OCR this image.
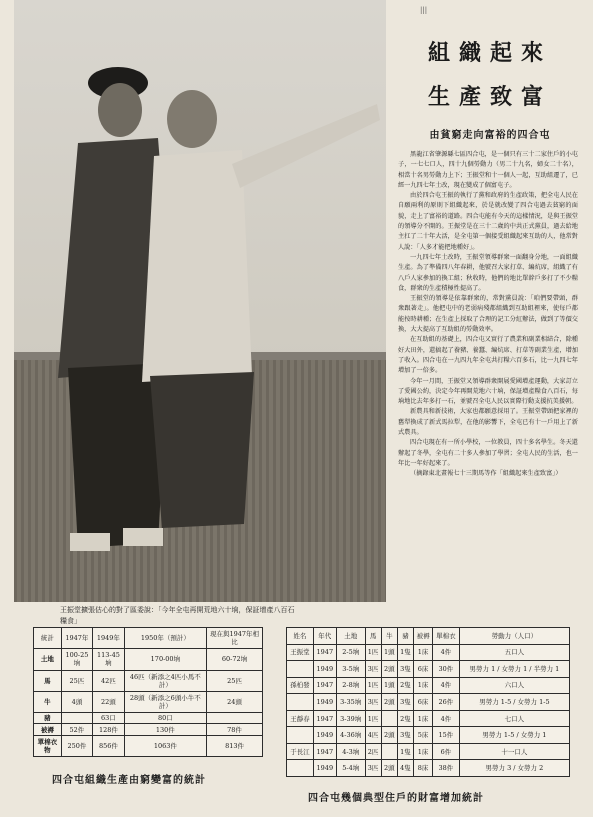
|||
王振堂擴張估心的對了區委說：「今年全屯再開荒地六十垧，保証增產八百石糧食」
組織起來
生產致富
由貧窮走向富裕的四合屯

黑龍江省肇源縣七區四合屯，是一個只有三十二家住戶的小屯子，一七七口人，四十九個勞動力（男二十九名，婦女二十名），相當十名男勞動力上下；王振堂和十一個人一起，互助組遷了，已經一九四七年土改，現在變成了個富屯子。

由於四合屯王振的執行了黨和政府的生產政策，把全屯人民在自願兩利的原則下組織起來，於是就改變了四合屯過去貧窮的面貌，走上了富裕的道路。四合屯能有今天的這樣情況，是與王振堂的領導分不開的。王振堂是在三十二歲的中共正式黨員，過去給地主扛了二十年大活，是全屯第一個接受組織起來互助的人，他常對人說：「人多才能把地種好」。

一九四七年土改時，王振堂領導群衆一面翻身分地，一面組織生產。為了準備四八年春耕，他號召大家打草、編炕席，組織了有八戶人家參加的換工組；秋收時，他們的地比單幹戶多打了不少糧食，群衆的生產積極性提高了。

王振堂的領導是依靠群衆的，常對黨員說：「咱們要帶頭，群衆跟著走」。他把屯中的老弱病殘都組織到互助組裡來，使每戶都能按時耕種；在生產上採取了合理的記工分紅辦法，做到了等價交換，大大提高了互助組的勞動效率。

在互助組的基礎上，四合屯又實行了農業和副業相結合，除種好大田外，還搞起了養豬、養蠶、編炕席、打草等副業生產，增加了收入。四合屯在一九四九年全屯共打糧六百多石，比一九四七年增加了一倍多。

今年一月間，王振堂又領導群衆開展愛國增產運動，大家訂立了愛國公約，決定今年再開荒地六十垧，保証增產糧食八百石，每垧地比去年多打一石，並號召全屯人民以實際行動支援抗美援朝。

新農具和新技術，大家也都願意採用了。王振堂帶頭把家裡的舊犁換成了新式馬拉犁，在他的影響下，全屯已有十一戶用上了新式農具。

四合屯現在有一所小學校，一位教員，四十多名學生。冬天還辦起了冬學，全屯有二十多人參加了學習；全屯人民的生活，也一年比一年好起來了。

（摘錄東北畫報七十三期馬等作「組織起來生產致富」）

統計	1947年	1949年	1950年（預計）	現在與1947年相比
土地	100-25垧	113-45垧	170-00垧	60-72垧
馬	25匹	42匹	46匹（新添之4匹小馬不計）	25匹
牛	4頭	22頭	28頭（新添之6頭小牛不計）	24頭
豬		63口	80口	
被褥	52件	128件	130件	78件
單棉衣物	250件	856件	1063件	813件
姓名	年代	土地	馬	牛	豬	被褥	單棉衣	勞動力（人口）
王振堂	1947	2-5垧	1匹	1頭	1隻	1床	4件	五口人
	1949	3-5垧	3匹	2頭	3隻	6床	30件	男勞力 1 / 女勞力 1 / 半勞力 1
孫柏發	1947	2-8垧	1匹	1頭	2隻	1床	4件	六口人
	1949	3-35垧	3匹	2頭	3隻	6床	26件	男勞力 1-5 / 女勞力 1-5
王靜春	1947	3-39垧	1匹		2隻	1床	4件	七口人
	1949	4-36垧	4匹	2頭	3隻	5床	15件	男勞力 1-5 / 女勞力 1
于長江	1947	4-3垧	2匹		1隻	1床	6件	十一口人
	1949	5-4垧	3匹	2頭	4隻	8床	38件	男勞力 3 / 女勞力 2
四合屯組織生產由窮變富的統計
四合屯幾個典型住戶的財富增加統計
